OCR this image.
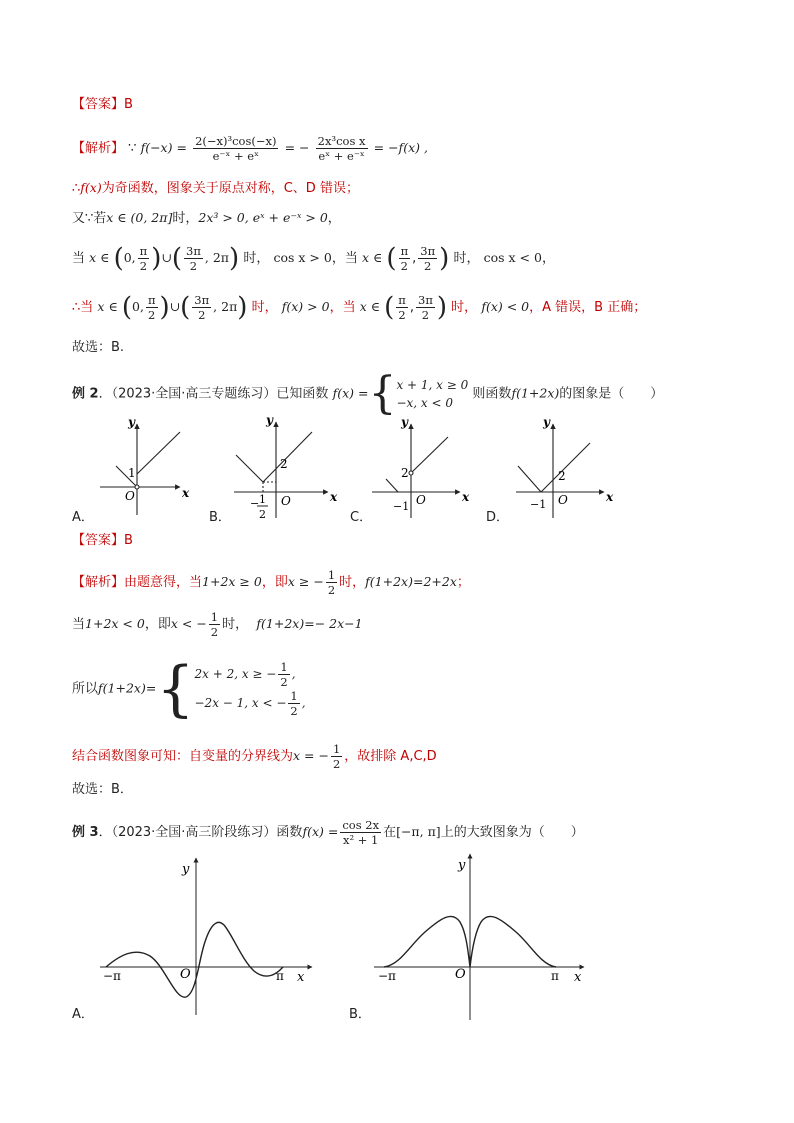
【答案】B
【解析】 ∵ $f(-x) = \frac{\text{2(−x)³cos(−x)}}{\text{e⁻ˣ + eˣ}}$ = − $\frac{\text{2x³cos x}}{\text{eˣ + e⁻ˣ}} = -f(x)$ ,
∴f(x)为奇函数，图象关于原点对称，C、D 错误；
又∵若x ∈ (0, 2π]时，2x³ > 0, eˣ + e⁻ˣ > 0，
当 x ∈ (0, $\frac{\pi}{2}$ )∪( $\frac{3\pi}{2}$ , 2π) 时， cos x > 0，当 x ∈ ( $\frac{\pi}{2}$ , $\frac{3\pi}{2}$ ) 时， cos x < 0，
∴当 x ∈ (0, $\frac{\pi}{2}$ )∪( $\frac{3\pi}{2}$ , 2π) 时， f(x) > 0，当 x ∈ ( $\frac{\pi}{2}$ , $\frac{3\pi}{2}$ ) 时， f(x) < 0，A 错误，B 正确；
故选：B.
例 2．（2023·全国·高三专题练习）已知函数 f(x) ={ x + 1, x ≥ 0
−x, x < 0
则函数f(1+2x)的图象是（　　）
x
y
O
1
x
y
O
2
− 1
2
x
y
O
2
−1
x
y
O
2
−1
A．	B．	C．	D．
【答案】B
【解析】由题意得，当1+2x ≥ 0，即x ≥ − $\frac{1}{2}$ 时，f(1+2x)=2+2x；
当1+2x < 0，即x < − $\frac{1}{2}$ 时， f(1+2x)=− 2x−1
所以f(1+2x)={ 2x + 2, x ≥ − $\frac{1}{2}$ ,
−2x − 1, x < − $\frac{1}{2}$ ,
结合函数图象可知：自变量的分界线为x = − $\frac{1}{2}$ ，故排除 A,C,D
故选：B．
例 3．（2023·全国·高三阶段练习）函数$f(x) = \frac{\cos 2x}{\text{x² + 1}}$ 在[−π, π]上的大致图象为（　　）
y
x
O
−π	π
y
x
O
−π	π
A．	B．
